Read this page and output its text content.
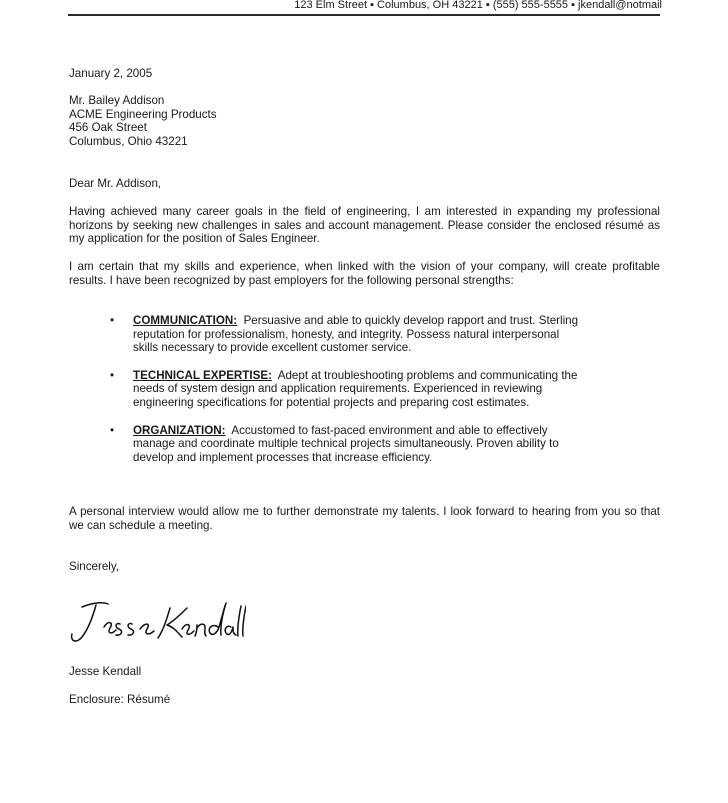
123 Elm Street ▪ Columbus, OH 43221 ▪ (555) 555-5555 ▪ jkendall@notmail
January 2, 2005
Mr. Bailey Addison
ACME Engineering Products
456 Oak Street
Columbus, Ohio 43221
Dear Mr. Addison,
Having achieved many career goals in the field of engineering, I am interested in expanding my professional horizons by seeking new challenges in sales and account management. Please consider the enclosed résumé as my application for the position of Sales Engineer.
I am certain that my skills and experience, when linked with the vision of your company, will create profitable results. I have been recognized by past employers for the following personal strengths:
• COMMUNICATION: Persuasive and able to quickly develop rapport and trust. Sterling reputation for professionalism, honesty, and integrity. Possess natural interpersonal skills necessary to provide excellent customer service.
• TECHNICAL EXPERTISE: Adept at troubleshooting problems and communicating the needs of system design and application requirements. Experienced in reviewing engineering specifications for potential projects and preparing cost estimates.
• ORGANIZATION: Accustomed to fast-paced environment and able to effectively manage and coordinate multiple technical projects simultaneously. Proven ability to develop and implement processes that increase efficiency.
A personal interview would allow me to further demonstrate my talents. I look forward to hearing from you so that we can schedule a meeting.
Sincerely,
Jesse Kendall
Enclosure: Résumé
